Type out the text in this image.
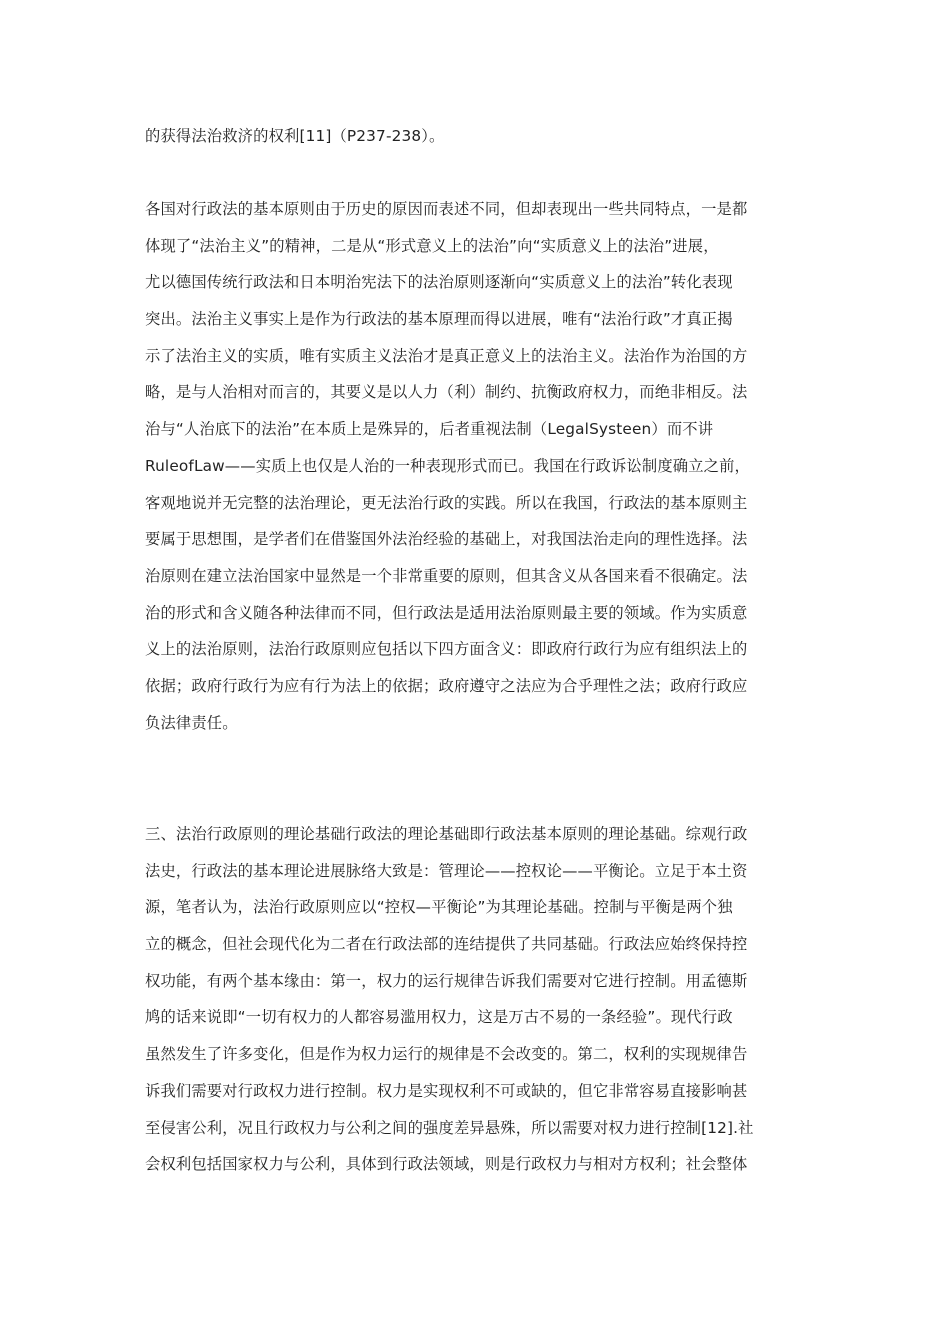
的获得法治救济的权利[11]（P237-238）。
各国对行政法的基本原则由于历史的原因而表述不同，但却表现出一些共同特点，一是都
体现了“法治主义”的精神，二是从“形式意义上的法治”向“实质意义上的法治”进展，
尤以德国传统行政法和日本明治宪法下的法治原则逐渐向“实质意义上的法治”转化表现
突出。法治主义事实上是作为行政法的基本原理而得以进展，唯有“法治行政”才真正揭
示了法治主义的实质，唯有实质主义法治才是真正意义上的法治主义。法治作为治国的方
略，是与人治相对而言的，其要义是以人力（利）制约、抗衡政府权力，而绝非相反。法
治与“人治底下的法治”在本质上是殊异的，后者重视法制（LegalSysteen）而不讲
RuleofLaw——实质上也仅是人治的一种表现形式而已。我国在行政诉讼制度确立之前，
客观地说并无完整的法治理论，更无法治行政的实践。所以在我国，行政法的基本原则主
要属于思想围，是学者们在借鉴国外法治经验的基础上，对我国法治走向的理性选择。法
治原则在建立法治国家中显然是一个非常重要的原则，但其含义从各国来看不很确定。法
治的形式和含义随各种法律而不同，但行政法是适用法治原则最主要的领域。作为实质意
义上的法治原则，法治行政原则应包括以下四方面含义：即政府行政行为应有组织法上的
依据；政府行政行为应有行为法上的依据；政府遵守之法应为合乎理性之法；政府行政应
负法律责任。
三、法治行政原则的理论基础行政法的理论基础即行政法基本原则的理论基础。综观行政
法史，行政法的基本理论进展脉络大致是：管理论——控权论——平衡论。立足于本土资
源，笔者认为，法治行政原则应以“控权—平衡论”为其理论基础。控制与平衡是两个独
立的概念，但社会现代化为二者在行政法部的连结提供了共同基础。行政法应始终保持控
权功能，有两个基本缘由：第一，权力的运行规律告诉我们需要对它进行控制。用孟德斯
鸠的话来说即“一切有权力的人都容易滥用权力，这是万古不易的一条经验”。现代行政
虽然发生了许多变化，但是作为权力运行的规律是不会改变的。第二，权利的实现规律告
诉我们需要对行政权力进行控制。权力是实现权利不可或缺的，但它非常容易直接影响甚
至侵害公利，况且行政权力与公利之间的强度差异悬殊，所以需要对权力进行控制[12].社
会权利包括国家权力与公利，具体到行政法领域，则是行政权力与相对方权利；社会整体
